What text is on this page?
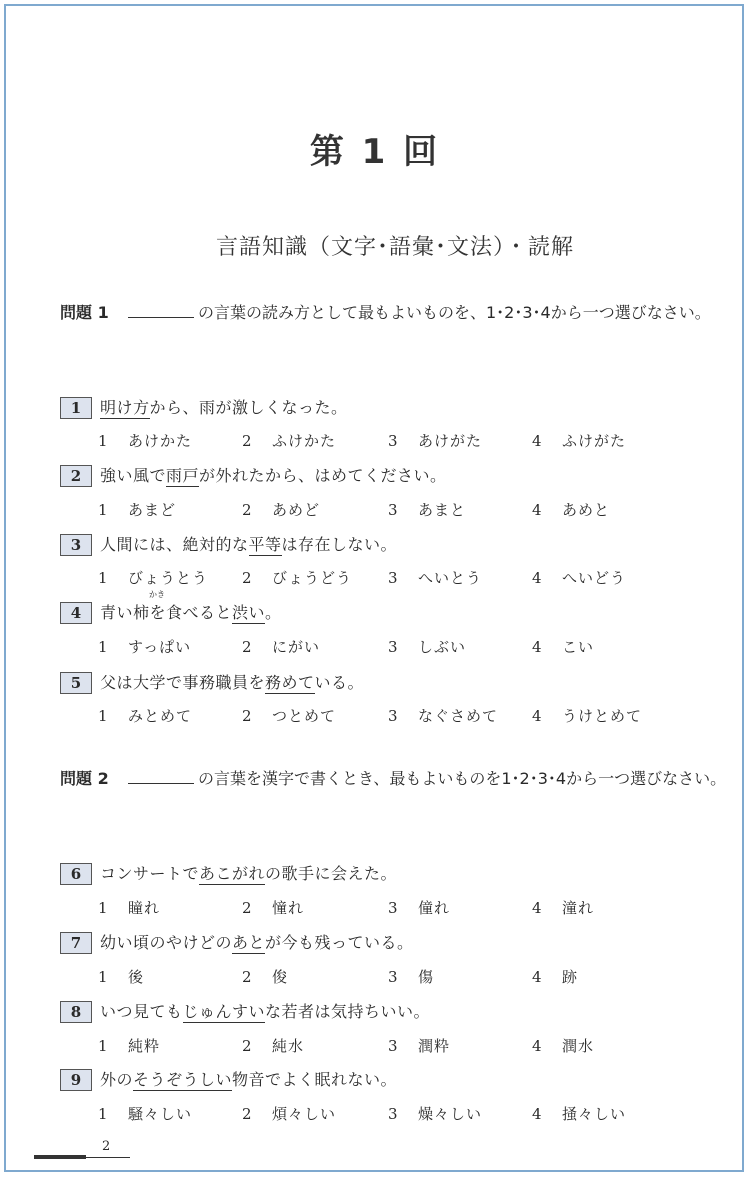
第 1 回
言語知識（文字･語彙･文法）・読解
問題 1	の言葉の読み方として最もよいものを、1･2･3･4から一つ選びなさい。
1	明け方から、雨が激しくなった。
1 あけかた	2 ふけかた	3 あけがた	4 ふけがた
2	強い風で雨戸が外れたから、はめてください。
1 あまど	2 あめど	3 あまと	4 あめと
3	人間には、絶対的な平等は存在しない。
1 びょうとう 2 びょうどう 3 へいとう	4 へいどう
4	青い柿を食べると渋い。
かき
1 すっぱい	2 にがい	3 しぶい	4 こい
5	父は大学で事務職員を務めている。
1 みとめて	2 つとめて	3 なぐさめて 4 うけとめて
問題 2	の言葉を漢字で書くとき、最もよいものを1･2･3･4から一つ選びなさい。
6	コンサートであこがれの歌手に会えた。
1 瞳れ	2 憧れ	3 僮れ	4 潼れ
7	幼い頃のやけどのあとが今も残っている。
1 後	2 俊	3 傷	4 跡
8	いつ見てもじゅんすいな若者は気持ちいい。
1 純粋	2 純水	3 潤粋	4 潤水
9	外のそうぞうしい物音でよく眠れない。
1 騒々しい	2 煩々しい	3 燥々しい	4 掻々しい
2
